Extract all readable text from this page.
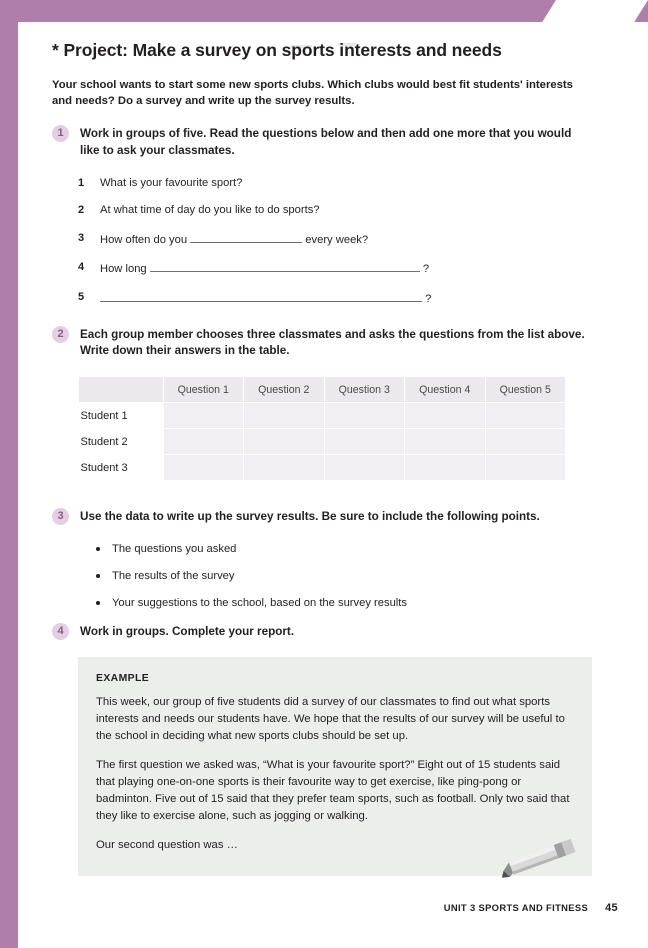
* Project: Make a survey on sports interests and needs

Your school wants to start some new sports clubs. Which clubs would best fit students' interests and needs? Do a survey and write up the survey results.

1	Work in groups of five. Read the questions below and then add one more that you would like to ask your classmates.
1 What is your favourite sport?
2 At what time of day do you like to do sports?
3 How often do you	every week?
4 How long	?
5	?
2	Each group member chooses three classmates and asks the questions from the list above. Write down their answers in the table.
	Question 1	Question 2	Question 3	Question 4	Question 5
Student 1					
Student 2					
Student 3					
3	Use the data to write up the survey results. Be sure to include the following points.
The questions you asked
The results of the survey
Your suggestions to the school, based on the survey results
4	Work in groups. Complete your report.
EXAMPLE

This week, our group of five students did a survey of our classmates to find out what sports interests and needs our students have. We hope that the results of our survey will be useful to the school in deciding what new sports clubs should be set up.

The first question we asked was, “What is your favourite sport?” Eight out of 15 students said that playing one-on-one sports is their favourite way to get exercise, like ping-pong or badminton. Five out of 15 said that they prefer team sports, such as football. Only two said that they like to exercise alone, such as jogging or walking.

Our second question was …

UNIT 3 SPORTS AND FITNESS 45
